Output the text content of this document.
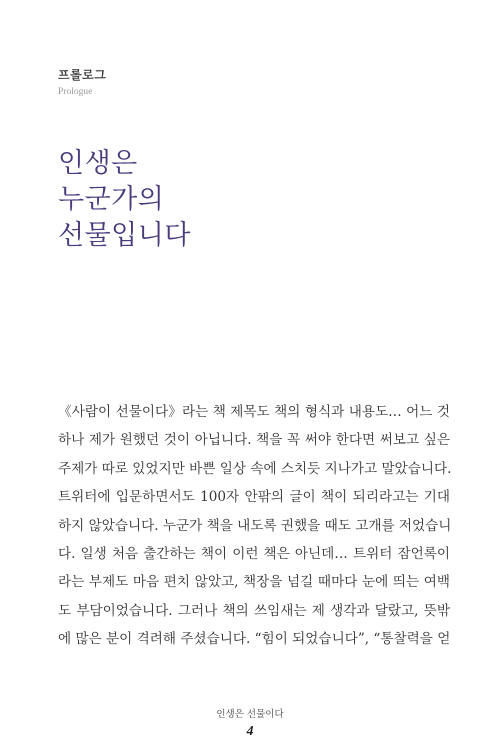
프롤로그
Prologue
인생은
누군가의
선물입니다
《사람이 선물이다》라는 책 제목도 책의 형식과 내용도… 어느 것
하나 제가 원했던 것이 아닙니다. 책을 꼭 써야 한다면 써보고 싶은
주제가 따로 있었지만 바쁜 일상 속에 스치듯 지나가고 말았습니다.
트위터에 입문하면서도 100자 안팎의 글이 책이 되리라고는 기대
하지 않았습니다. 누군가 책을 내도록 권했을 때도 고개를 저었습니
다. 일생 처음 출간하는 책이 이런 책은 아닌데… 트위터 잠언록이
라는 부제도 마음 편치 않았고, 책장을 넘길 때마다 눈에 띄는 여백
도 부담이었습니다. 그러나 책의 쓰임새는 제 생각과 달랐고, 뜻밖
에 많은 분이 격려해 주셨습니다. “힘이 되었습니다”, “통찰력을 얻
인생은 선물이다
4
